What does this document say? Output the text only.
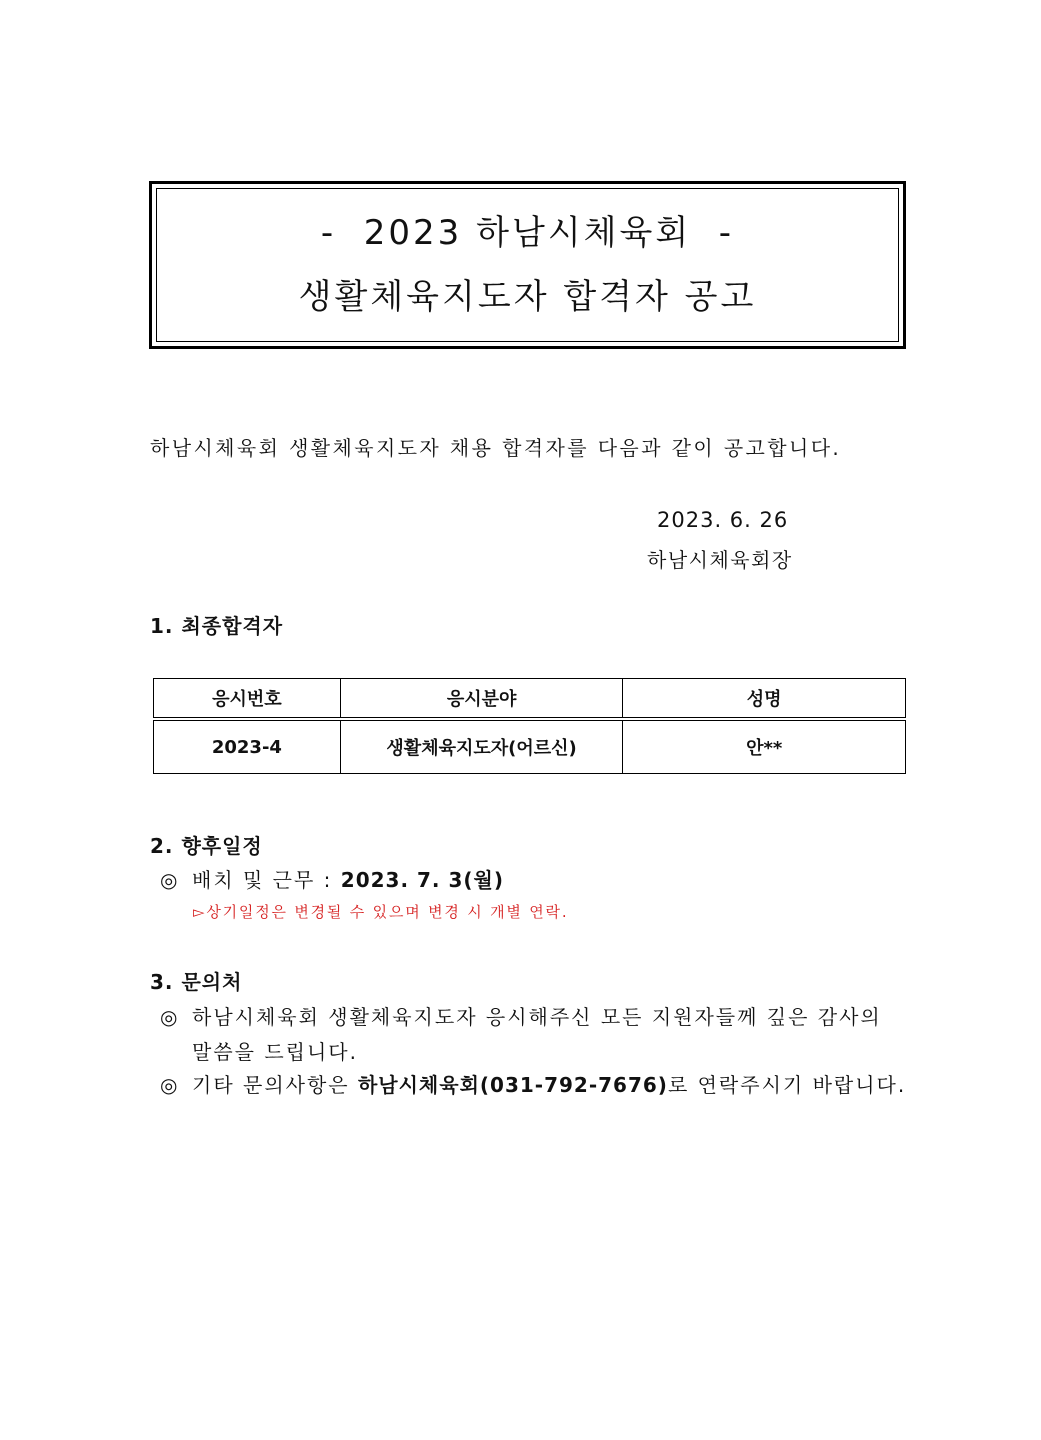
-  2023 하남시체육회  -
생활체육지도자 합격자 공고
하남시체육회 생활체육지도자 채용 합격자를 다음과 같이 공고합니다.
2023. 6. 26
하남시체육회장
1. 최종합격자
응시번호	응시분야	성명
2023-4	생활체육지도자(어르신)	안**
2. 향후일정
◎ 배치 및 근무 : 2023. 7. 3(월)
▻상기일정은 변경될 수 있으며 변경 시 개별 연락.
3. 문의처
◎ 하남시체육회 생활체육지도자 응시해주신 모든 지원자들께 깊은 감사의
말씀을 드립니다.
◎ 기타 문의사항은 하남시체육회(031-792-7676)로 연락주시기 바랍니다.
